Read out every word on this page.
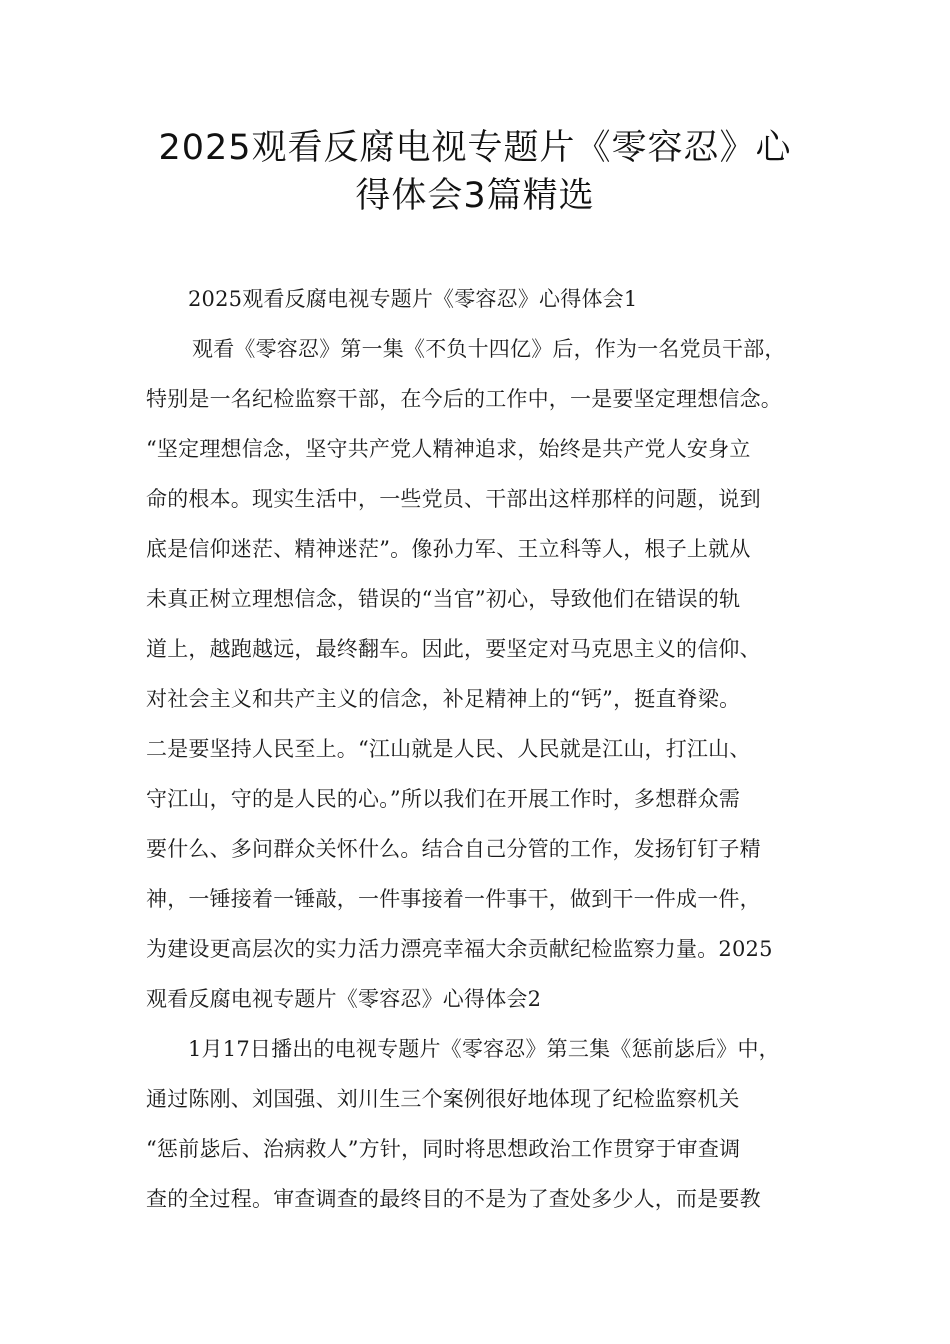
2025观看反腐电视专题片《零容忍》心
得体会3篇精选
2025观看反腐电视专题片《零容忍》心得体会1
观看《零容忍》第一集《不负十四亿》后，作为一名党员干部，
特别是一名纪检监察干部，在今后的工作中，一是要坚定理想信念。
“坚定理想信念，坚守共产党人精神追求，始终是共产党人安身立
命的根本。现实生活中，一些党员、干部出这样那样的问题，说到
底是信仰迷茫、精神迷茫”。像孙力军、王立科等人，根子上就从
未真正树立理想信念，错误的“当官”初心，导致他们在错误的轨
道上，越跑越远，最终翻车。因此，要坚定对马克思主义的信仰、
对社会主义和共产主义的信念，补足精神上的“钙”，挺直脊梁。
二是要坚持人民至上。“江山就是人民、人民就是江山，打江山、
守江山，守的是人民的心。”所以我们在开展工作时，多想群众需
要什么、多问群众关怀什么。结合自己分管的工作，发扬钉钉子精
神，一锤接着一锤敲，一件事接着一件事干，做到干一件成一件，
为建设更高层次的实力活力漂亮幸福大余贡献纪检监察力量。2025
观看反腐电视专题片《零容忍》心得体会2
1月17日播出的电视专题片《零容忍》第三集《惩前毖后》中，
通过陈刚、刘国强、刘川生三个案例很好地体现了纪检监察机关
“惩前毖后、治病救人”方针，同时将思想政治工作贯穿于审查调
查的全过程。审查调查的最终目的不是为了查处多少人，而是要教
